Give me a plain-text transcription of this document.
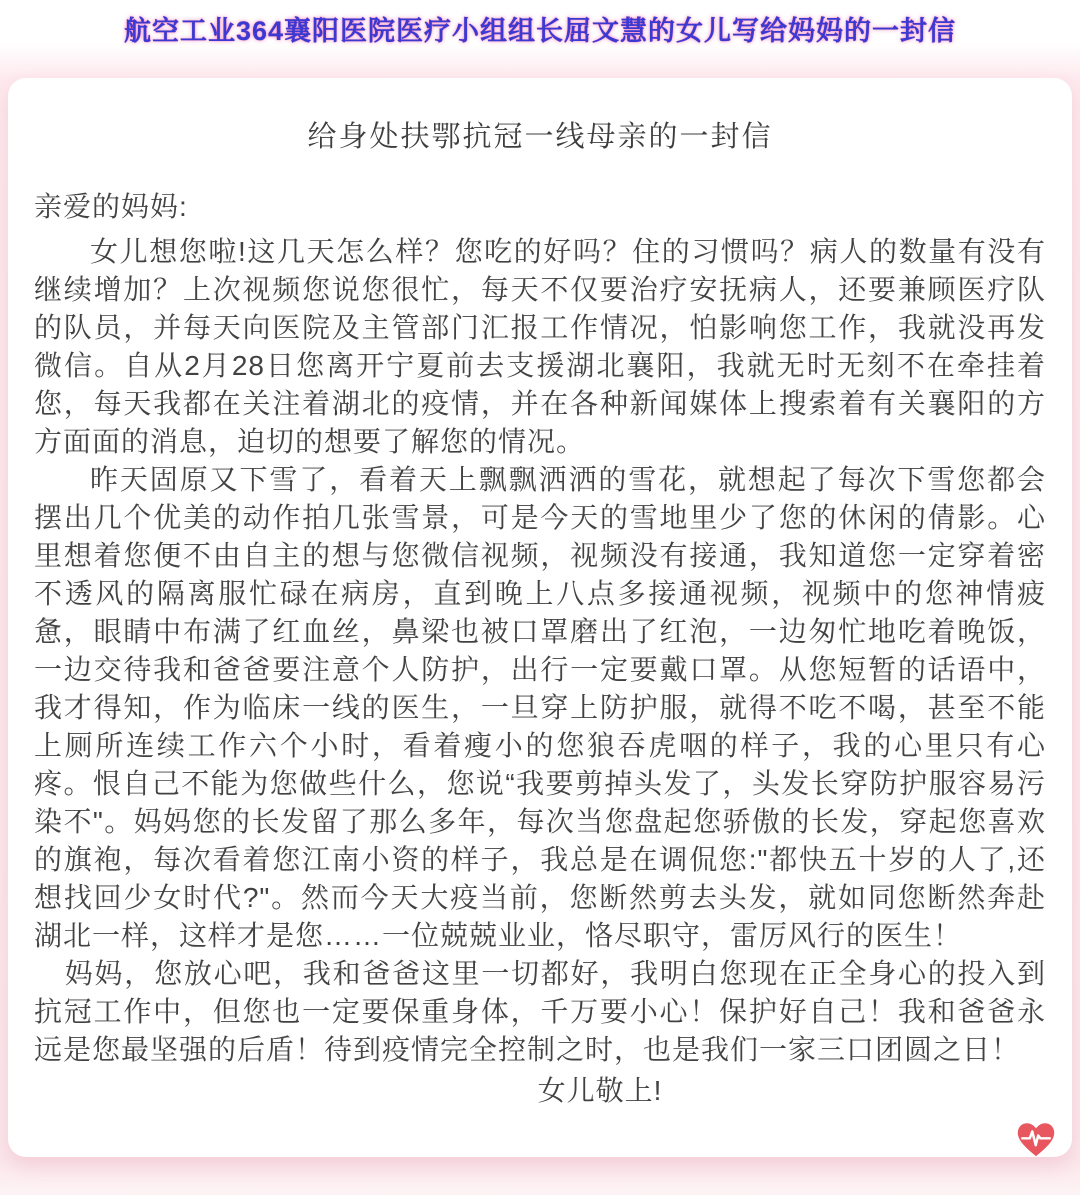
航空工业364襄阳医院医疗小组组长屈文慧的女儿写给妈妈的一封信
给身处扶鄂抗冠一线母亲的一封信
亲爱的妈妈:

女儿想您啦!这几天怎么样？您吃的好吗？住的习惯吗？病人的数量有没有继续增加？上次视频您说您很忙，每天不仅要治疗安抚病人，还要兼顾医疗队的队员，并每天向医院及主管部门汇报工作情况，怕影响您工作，我就没再发微信。自从2月28日您离开宁夏前去支援湖北襄阳，我就无时无刻不在牵挂着您，每天我都在关注着湖北的疫情，并在各种新闻媒体上搜索着有关襄阳的方方面面的消息，迫切的想要了解您的情况。

昨天固原又下雪了，看着天上飘飘洒洒的雪花，就想起了每次下雪您都会摆出几个优美的动作拍几张雪景，可是今天的雪地里少了您的休闲的倩影。心里想着您便不由自主的想与您微信视频，视频没有接通，我知道您一定穿着密不透风的隔离服忙碌在病房，直到晚上八点多接通视频，视频中的您神情疲惫，眼睛中布满了红血丝，鼻梁也被口罩磨出了红泡，一边匆忙地吃着晚饭，一边交待我和爸爸要注意个人防护，出行一定要戴口罩。从您短暂的话语中，我才得知，作为临床一线的医生，一旦穿上防护服，就得不吃不喝，甚至不能上厕所连续工作六个小时，看着瘦小的您狼吞虎咽的样子，我的心里只有心疼。恨自己不能为您做些什么，您说“我要剪掉头发了，头发长穿防护服容易污染不"。妈妈您的长发留了那么多年，每次当您盘起您骄傲的长发，穿起您喜欢的旗袍，每次看着您江南小资的样子，我总是在调侃您:"都快五十岁的人了,还想找回少女时代?"。然而今天大疫当前，您断然剪去头发，就如同您断然奔赴湖北一样，这样才是您……一位兢兢业业，恪尽职守，雷厉风行的医生！

妈妈，您放心吧，我和爸爸这里一切都好，我明白您现在正全身心的投入到抗冠工作中，但您也一定要保重身体，千万要小心！保护好自己！我和爸爸永远是您最坚强的后盾！待到疫情完全控制之时，也是我们一家三口团圆之日！

女儿敬上!
